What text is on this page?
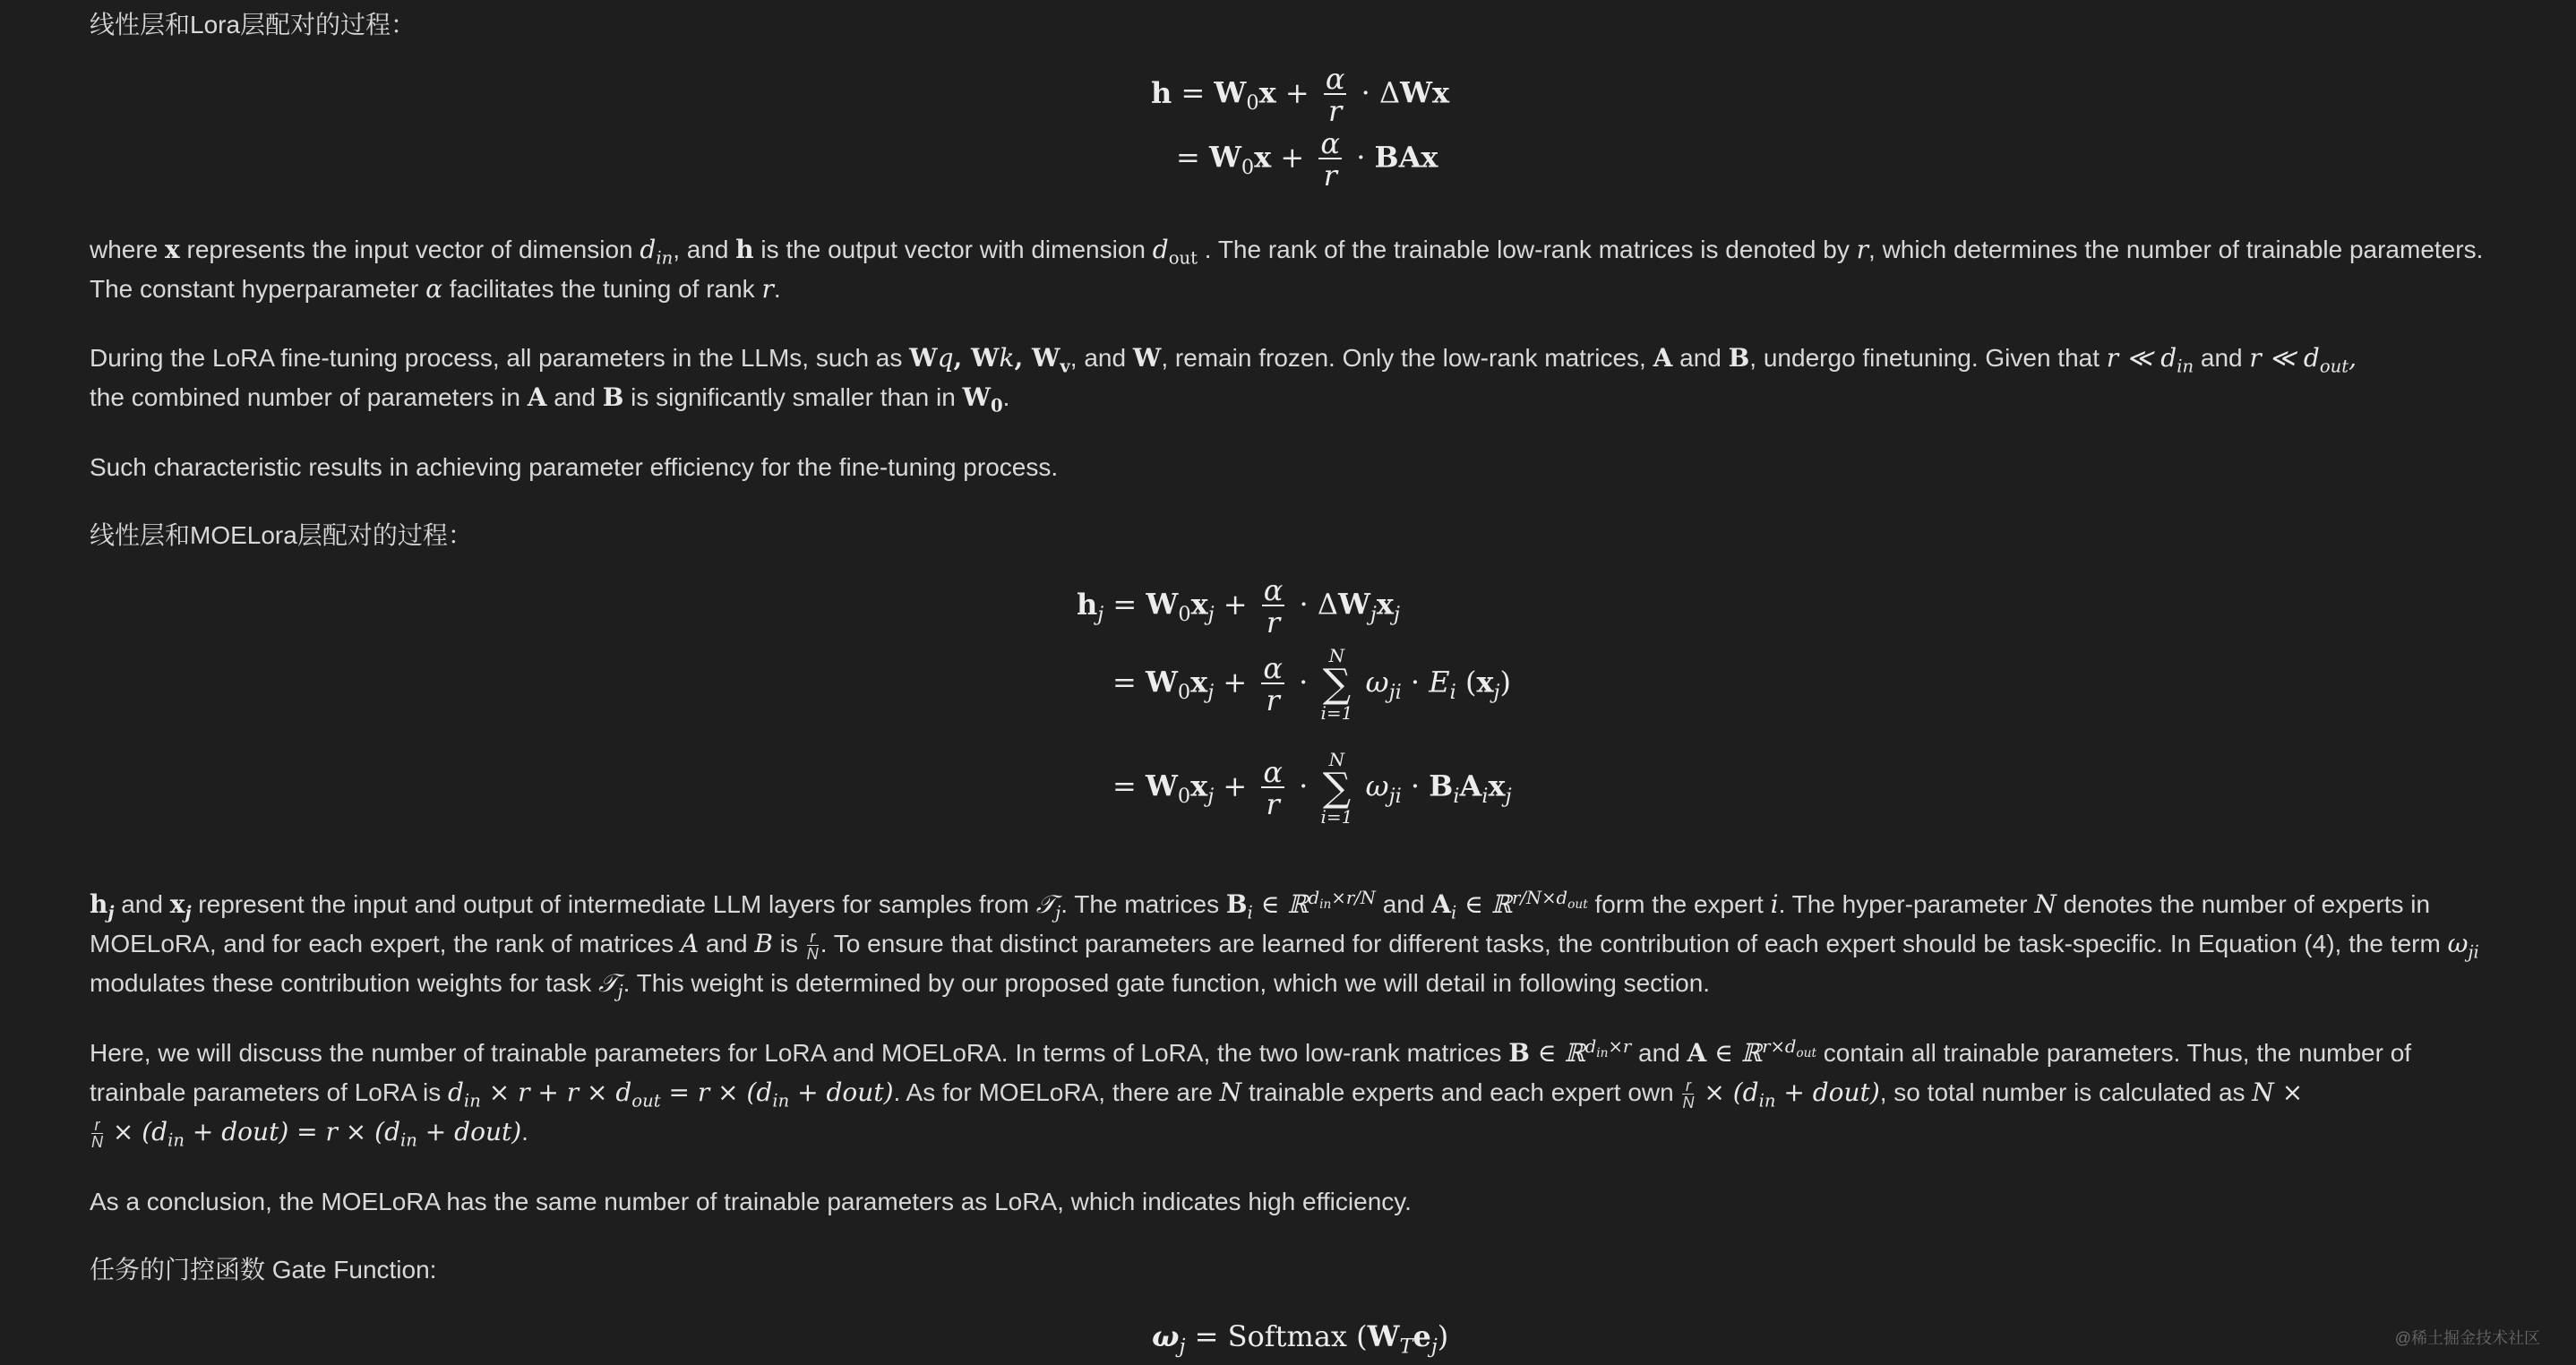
线性层和Lora层配对的过程：

$h = W_0x + \frac{\alpha}{r} \cdot \Delta Wx$
= $W_0x + \frac{\alpha}{r}$ · BAx

where x represents the input vector of dimension $d_{in}$, and h is the output vector with dimension $d_{out}$ . The rank of the trainable low-rank matrices is denoted by r, which determines the number of trainable parameters. The constant hyperparameter α facilitates the tuning of rank r.

During the LoRA fine-tuning process, all parameters in the LLMs, such as Wq, Wk, $W_v$, and W, remain frozen. Only the low-rank matrices, A and B, undergo finetuning. Given that r ≪ $d_{in}$ and r ≪ $d_{out}$,
the combined number of parameters in A and B is significantly smaller than in $W_0$.

Such characteristic results in achieving parameter efficiency for the fine-tuning process.

线性层和MOELora层配对的过程：

$h_j = W_0x_j + \frac{\alpha}{r} \cdot \Delta W_jx_j$
= $W_0x_j + \frac{\alpha}{r}$ ·
N
∑
i=1
$\omega_{ji} \cdot E_i$ $(x_j)$
= $W_0x_j + \frac{\alpha}{r}$ ·
N
∑
i=1
$\omega_{ji} \cdot B_iA_ix_j$

$h_j$ and $x_j$ represent the input and output of intermediate LLM layers for samples from 𝒯$_j$. The matrices $B_i$ ∈ ℝ$^{d_{in}\times r/N}$ and $A_i$ ∈ ℝ$^{r/N\times d_{out}}$ form the expert i. The hyper-parameter N denotes the number of experts in MOELoRA, and for each expert, the rank of matrices A and B is $\frac{r}{N}$ . To ensure that distinct parameters are learned for different tasks, the contribution of each expert should be task-specific. In Equation (4), the term $\omega_{ji}$ modulates these contribution weights for task 𝒯$_j$. This weight is determined by our proposed gate function, which we will detail in following section.

Here, we will discuss the number of trainable parameters for LoRA and MOELoRA. In terms of LoRA, the two low-rank matrices B ∈ ℝ$^{d_{in}\times r}$ and A ∈ ℝ$^{r\times d_{out}}$ contain all trainable parameters. Thus, the number of trainbale parameters of LoRA is $d_{in} \times r + r \times d_{out} = r \times (d_{in}$ + dout). As for MOELoRA, there are N trainable experts and each expert own $\frac{r}{N} \times (d_{in}$ + dout), so total number is calculated as N ×

$\frac{r}{N} \times (d_{in}$ + dout) = $r \times (d_{in}$ + dout).

As a conclusion, the MOELoRA has the same number of trainable parameters as LoRA, which indicates high efficiency.

任务的门控函数 Gate Function:

$\omega_j$ = Softmax $(W_Te_j)$	@稀土掘金技术社区
